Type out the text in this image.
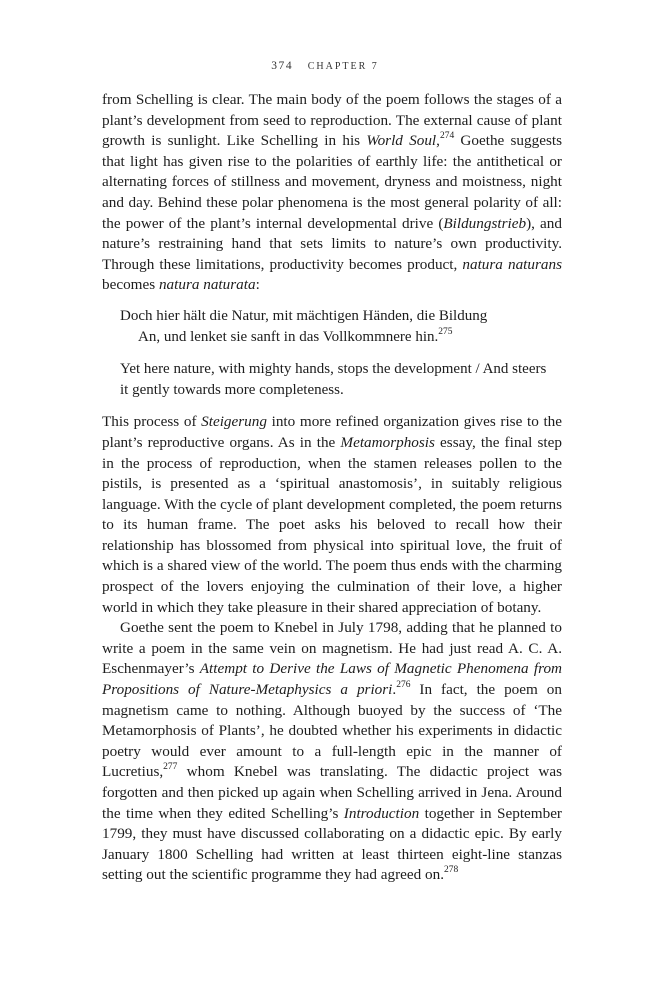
374 CHAPTER 7

from Schelling is clear. The main body of the poem follows the stages of a plant’s development from seed to reproduction. The external cause of plant growth is sunlight. Like Schelling in his World Soul,$^{274}$ Goethe suggests that light has given rise to the polarities of earthly life: the antithetical or alternating forces of stillness and movement, dryness and moistness, night and day. Behind these polar phenomena is the most general polarity of all: the power of the plant’s internal developmental drive (Bildungstrieb), and nature’s restraining hand that sets limits to nature’s own productivity. Through these limitations, productivity becomes product, natura naturans becomes natura naturata:

Doch hier hält die Natur, mit mächtigen Händen, die Bildung
An, und lenket sie sanft in das Vollkommnere hin.$^{275}$
Yet here nature, with mighty hands, stops the development / And steers it gently towards more completeness.

This process of Steigerung into more refined organization gives rise to the plant’s reproductive organs. As in the Metamorphosis essay, the final step in the process of reproduction, when the stamen releases pollen to the pistils, is presented as a ‘spiritual anastomosis’, in suitably religious language. With the cycle of plant development completed, the poem returns to its human frame. The poet asks his beloved to recall how their relationship has blossomed from physical into spiritual love, the fruit of which is a shared view of the world. The poem thus ends with the charming prospect of the lovers enjoying the culmination of their love, a higher world in which they take pleasure in their shared appreciation of botany.

Goethe sent the poem to Knebel in July 1798, adding that he planned to write a poem in the same vein on magnetism. He had just read A. C. A. Eschenmayer’s Attempt to Derive the Laws of Magnetic Phenomena from Propositions of Nature-Metaphysics a priori.$^{276}$ In fact, the poem on magnetism came to nothing. Although buoyed by the success of ‘The Metamorphosis of Plants’, he doubted whether his experiments in didactic poetry would ever amount to a full-length epic in the manner of Lucretius,$^{277}$ whom Knebel was translating. The didactic project was forgotten and then picked up again when Schelling arrived in Jena. Around the time when they edited Schelling’s Introduction together in September 1799, they must have discussed collaborating on a didactic epic. By early January 1800 Schelling had written at least thirteen eight-line stanzas setting out the scientific programme they had agreed on.$^{278}$
